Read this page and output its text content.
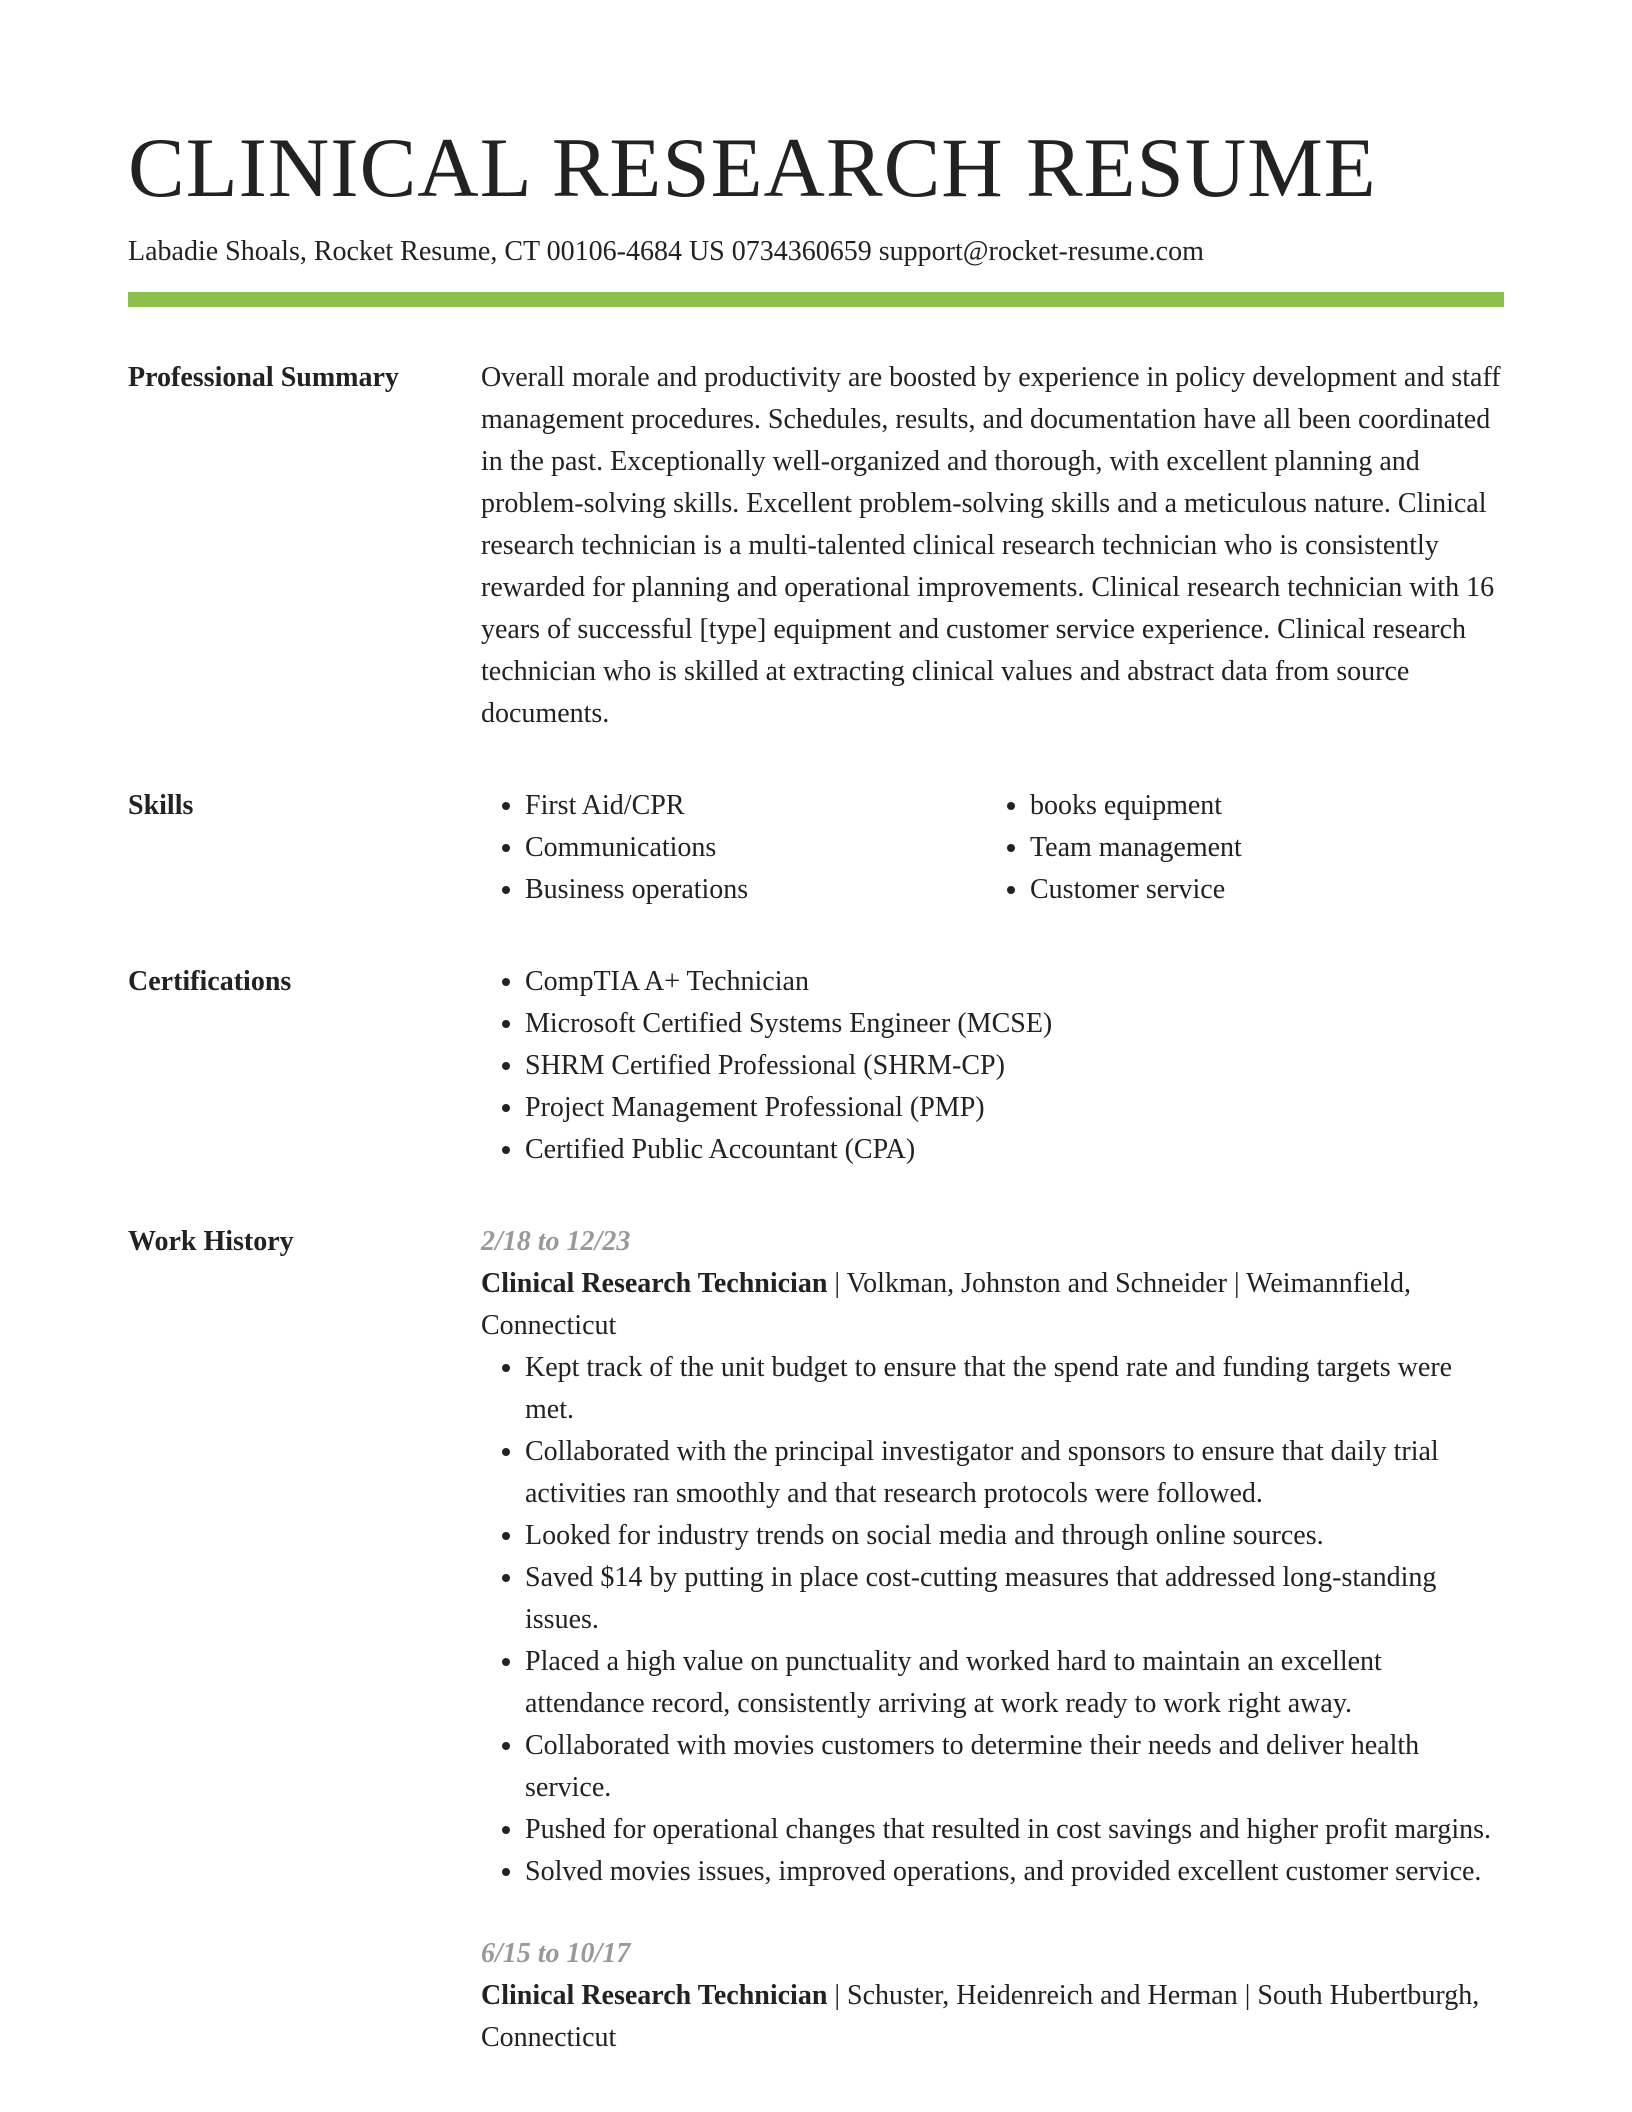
CLINICAL RESEARCH RESUME
Labadie Shoals, Rocket Resume, CT 00106-4684 US 0734360659 support@rocket-resume.com
Professional Summary	Overall morale and productivity are boosted by experience in policy development and staff management procedures. Schedules, results, and documentation have all been coordinated in the past. Exceptionally well-organized and thorough, with excellent planning and problem-solving skills. Excellent problem-solving skills and a meticulous nature. Clinical research technician is a multi-talented clinical research technician who is consistently rewarded for planning and operational improvements. Clinical research technician with 16 years of successful [type] equipment and customer service experience. Clinical research technician who is skilled at extracting clinical values and abstract data from source documents.

Skills	• First Aid/CPR
• Communications
• Business operations
• books equipment
• Team management
• Customer service
Certifications	• CompTIA A+ Technician
• Microsoft Certified Systems Engineer (MCSE)
• SHRM Certified Professional (SHRM-CP)
• Project Management Professional (PMP)
• Certified Public Accountant (CPA)
Work History	2/18 to 12/23
Clinical Research Technician | Volkman, Johnston and Schneider | Weimannfield, Connecticut
• Kept track of the unit budget to ensure that the spend rate and funding targets were met.
• Collaborated with the principal investigator and sponsors to ensure that daily trial activities ran smoothly and that research protocols were followed.
• Looked for industry trends on social media and through online sources.
• Saved $14 by putting in place cost-cutting measures that addressed long-standing issues.
• Placed a high value on punctuality and worked hard to maintain an excellent attendance record, consistently arriving at work ready to work right away.
• Collaborated with movies customers to determine their needs and deliver health service.
• Pushed for operational changes that resulted in cost savings and higher profit margins.
• Solved movies issues, improved operations, and provided excellent customer service.
6/15 to 10/17
Clinical Research Technician | Schuster, Heidenreich and Herman | South Hubertburgh, Connecticut
